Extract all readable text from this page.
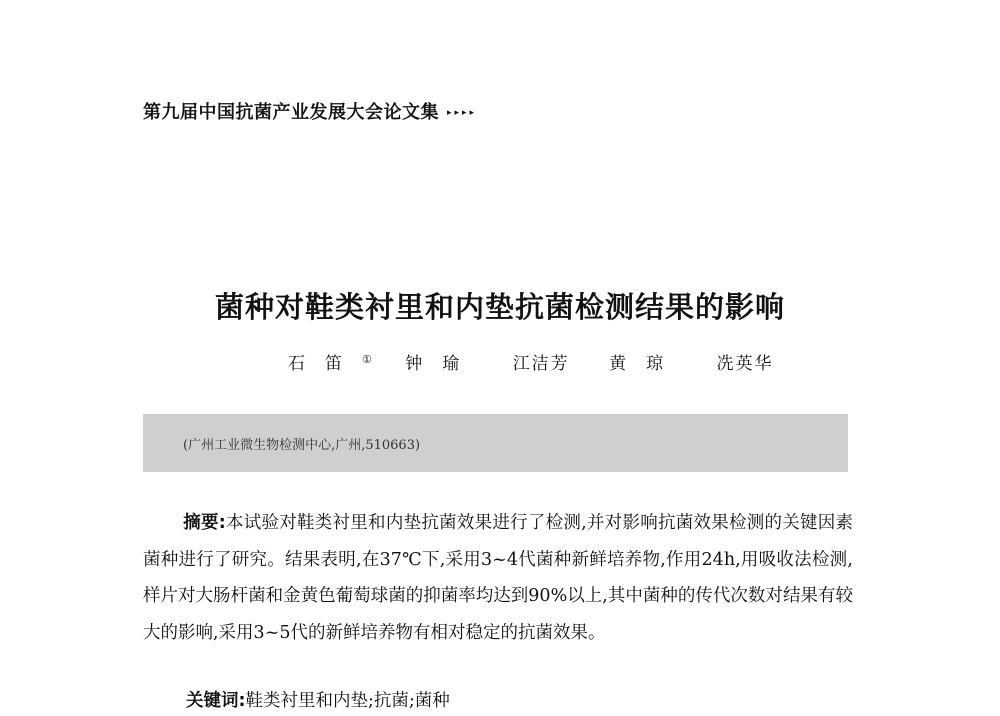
第九届中国抗菌产业发展大会论文集 ▸▸▸▸
菌种对鞋类衬里和内垫抗菌检测结果的影响
石笛① 钟瑜 江洁芳 黄琼 冼英华
(广州工业微生物检测中心,广州,510663)

摘要:本试验对鞋类衬里和内垫抗菌效果进行了检测,并对影响抗菌效果检测的关键因素菌种进行了研究。结果表明,在37℃下,采用3~4代菌种新鲜培养物,作用24h,用吸收法检测,样片对大肠杆菌和金黄色葡萄球菌的抑菌率均达到90%以上,其中菌种的传代次数对结果有较大的影响,采用3~5代的新鲜培养物有相对稳定的抗菌效果。

关键词:鞋类衬里和内垫;抗菌;菌种
